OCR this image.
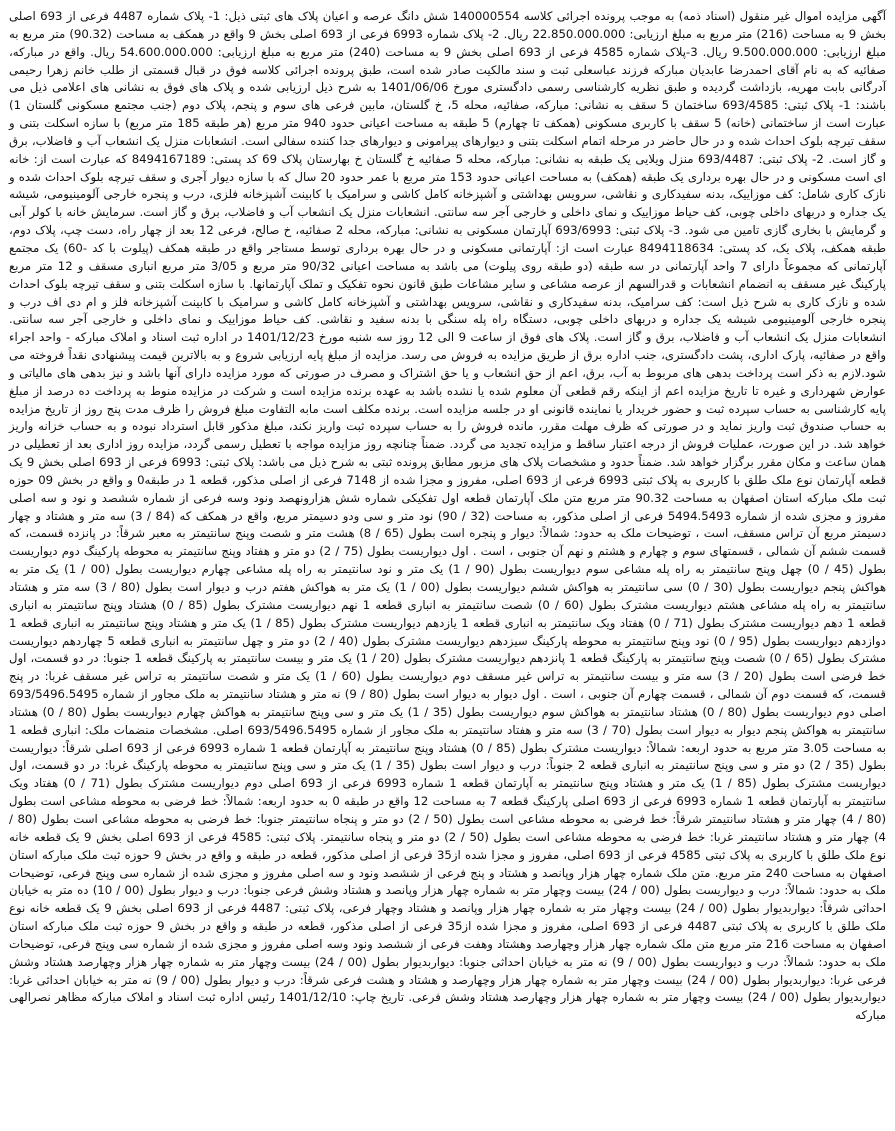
آگهی مزایده اموال غیر منقول (اسناد ذمه) به موجب پرونده اجرائی کلاسه 140000554 شش دانگ عرصه و اعیان پلاک های ثبتی ذیل: 1- پلاک شماره 4487 فرعی از 693 اصلی بخش 9 به مساحت (216) متر مربع به مبلغ ارزیابی: 22.850.000.000 ریال. 2- پلاک شماره 6993 فرعی از 693 اصلی بخش 9 واقع در همکف به مساحت (90.32) متر مربع به مبلغ ارزیابی: 9.500.000.000 ریال. 3-پلاک شماره 4585 فرعی از 693 اصلی بخش 9 به مساحت (240) متر مربع به مبلغ ارزیابی: 54.600.000.000 ریال. واقع در مبارکه، صفائیه که به نام آقای احمدرضا عابدیان مبارکه فرزند عباسعلی ثبت و سند مالکیت صادر شده است، طبق پرونده اجرائی کلاسه فوق در قبال قسمتی از طلب خانم زهرا رحیمی آدرگانی بابت مهریه، بازداشت گردیده و طبق نظریه کارشناسی رسمی دادگستری مورخ 1401/06/06 به شرح ذیل ارزیابی شده و پلاک های فوق به نشانی های اعلامی ذیل می باشند: 1- پلاک ثبتی: 693/4585 ساختمان 5 سقف به نشانی: مبارکه، صفائیه، محله 5، خ گلستان، مابین فرعی های سوم و پنجم، پلاک دوم (جنب مجتمع مسکونی گلستان 1) عبارت است از ساختمانی (خانه) 5 سقف با کاربری مسکونی (همکف تا چهارم) 5 طبقه به مساحت اعیانی حدود 940 متر مربع (هر طبقه 185 متر مربع) با سازه اسکلت بتنی و سقف تیرچه بلوک احداث شده و در حال حاضر در مرحله اتمام اسکلت بتنی و دیوارهای پیرامونی و دیوارهای جدا کننده سفالی است. انشعابات منزل یک انشعاب آب و فاضلاب، برق و گاز است. 2- پلاک ثبتی: 693/4487 منزل ویلایی یک طبقه به نشانی: مبارکه، محله 5 صفائیه خ گلستان خ بهارستان پلاک 69 کد پستی: 8494167189 که عبارت است از: خانه ای است مسکونی و در حال بهره برداری یک طبقه (همکف) به مساحت اعیانی حدود 153 متر مربع با عمر حدود 20 سال که با سازه دیوار آجری و سقف تیرچه بلوک احداث شده و نازک کاری شامل: کف موزاییک، بدنه سفیدکاری و نقاشی، سرویس بهداشتی و آشپزخانه کامل کاشی و سرامیک با کابینت آشپزخانه فلزی، درب و پنجره خارجی آلومینیومی، شیشه یک جداره و دربهای داخلی چوبی، کف حیاط موزاییک و نمای داخلی و خارجی آجر سه سانتی. انشعابات منزل یک انشعاب آب و فاضلاب، برق و گاز است. سرمایش خانه با کولر آبی و گرمایش با بخاری گازی تامین می شود. 3- پلاک ثبتی: 693/6993 آپارتمان مسکونی به نشانی: مبارکه، محله 2 صفائیه، خ صالح، فرعی 12 بعد از چهار راه، دست چپ، پلاک دوم، طبقه همکف، پلاک یک، کد پستی: 8494118634 عبارت است از: آپارتمانی مسکونی و در حال بهره برداری توسط مستاجر واقع در طبقه همکف (پیلوت با کد -60) یک مجتمع آپارتمانی که مجموعاً دارای 7 واحد آپارتمانی در سه طبقه (دو طبقه روی پیلوت) می باشد به مساحت اعیانی 90/32 متر مربع و 3/05 متر مربع انباری مسقف و 12 متر مربع پارکینگ غیر مسقف به انضمام انشعابات و قدرالسهم از عرصه مشاعی و سایر مشاعات طبق قانون نحوه تفکیک و تملک آپارتمانها. با سازه اسکلت بتنی و سقف تیرچه بلوک احداث شده و نازک کاری به شرح ذیل است: کف سرامیک، بدنه سفیدکاری و نقاشی، سرویس بهداشتی و آشپزخانه کامل کاشی و سرامیک با کابینت آشپزخانه فلز و ام دی اف درب و پنجره خارجی آلومینیومی شیشه یک جداره و دربهای داخلی چوبی، دستگاه راه پله سنگی با بدنه سفید و نقاشی. کف حیاط موزاییک و نمای داخلی و خارجی آجر سه سانتی. انشعابات منزل یک انشعاب آب و فاضلاب، برق و گاز است. پلاک های فوق از ساعت 9 الی 12 روز سه شنبه مورخ 1401/12/23 در اداره ثبت اسناد و املاک مبارکه - واحد اجراء واقع در صفائیه، پارک اداری، پشت دادگستری، جنب اداره برق از طریق مزایده به فروش می رسد. مزایده از مبلغ پایه ارزیابی شروع و به بالاترین قیمت پیشنهادی نقداً فروخته می شود.لازم به ذکر است پرداخت بدهی های مربوط به آب، برق، اعم از حق انشعاب و یا حق اشتراک و مصرف در صورتی که مورد مزایده دارای آنها باشد و نیز بدهی های مالیاتی و عوارض شهرداری و غیره تا تاریخ مزایده اعم از اینکه رقم قطعی آن معلوم شده یا نشده باشد به عهده برنده مزایده است و شرکت در مزایده منوط به پرداخت ده درصد از مبلغ پایه کارشناسی به حساب سپرده ثبت و حضور خریدار یا نماینده قانونی او در جلسه مزایده است. برنده مکلف است مابه التفاوت مبلغ فروش را ظرف مدت پنج روز از تاریخ مزایده به حساب صندوق ثبت واریز نماید و در صورتی که ظرف مهلت مقرر، مانده فروش را به حساب سپرده ثبت واریز نکند، مبلغ مذکور قابل استرداد نبوده و به حساب خزانه واریز خواهد شد. در این صورت، عملیات فروش از درجه اعتبار ساقط و مزایده تجدید می گردد. ضمناً چنانچه روز مزایده مواجه با تعطیل رسمی گردد، مزایده روز اداری بعد از تعطیلی در همان ساعت و مکان مقرر برگزار خواهد شد. ضمناً حدود و مشخصات پلاک های مزبور مطابق پرونده ثبتی به شرح ذیل می باشد: پلاک ثبتی: 6993 فرعی از 693 اصلی بخش 9 یک قطعه آپارتمان نوع ملک طلق با کاربری به پلاک ثبتی 6993 فرعی از 693 اصلی، مفروز و مجزا شده از 7148 فرعی از اصلی مذکور، قطعه 1 در طبقه0 و واقع در بخش 09 حوزه ثبت ملک مبارکه استان اصفهان به مساحت 90.32 متر مربع متن ملک آپارتمان قطعه اول تفکیکی شماره شش هزارونهصد ونود وسه فرعی از شماره ششصد و نود و سه اصلی مفروز و مجزی شده از شماره 5494.5493 فرعی از اصلی مذکور، به مساحت (32 / 90) نود متر و سی ودو دسیمتر مربع، واقع در همکف که (84 / 3) سه متر و هشتاد و چهار دسیمتر مربع آن تراس مسقف، است ، توضیحات ملک به حدود: شمالاً: دیوار و پنجره است بطول (65 / 8) هشت متر و شصت وپنج سانتیمتر به معبر شرقاً: در پانزده قسمت، که قسمت ششم آن شمالی ، قسمتهای سوم و چهارم و هشتم و نهم آن جنوبی ، است . اول دیواریست بطول (75 / 2) دو متر و هفتاد وپنج سانتیمتر به محوطه پارکینگ دوم دیواریست بطول (45 / 0) چهل وپنج سانتیمتر به راه پله مشاعی سوم دیواریست بطول (90 / 1) یک متر و نود سانتیمتر به راه پله مشاعی چهارم دیواریست بطول (00 / 1) یک متر به هواکش پنجم دیواریست بطول (30 / 0) سی سانتیمتر به هواکش ششم دیواریست بطول (00 / 1) یک متر به هواکش هفتم درب و دیوار است بطول (80 / 3) سه متر و هشتاد سانتیمتر به راه پله مشاعی هشتم دیواریست مشترک بطول (60 / 0) شصت سانتیمتر به انباری قطعه 1 نهم دیواریست مشترک بطول (85 / 0) هشتاد وپنج سانتیمتر به انباری قطعه 1 دهم دیواریست مشترک بطول (71 / 0) هفتاد ویک سانتیمتر به انباری قطعه 1 یازدهم دیواریست مشترک بطول (85 / 1) یک متر و هشتاد وپنج سانتیمتر به انباری قطعه 1 دوازدهم دیواریست بطول (95 / 0) نود وپنج سانتیمتر به محوطه پارکینگ سیزدهم دیواریست مشترک بطول (40 / 2) دو متر و چهل سانتیمتر به انباری قطعه 5 چهاردهم دیواریست مشترک بطول (65 / 0) شصت وپنج سانتیمتر به پارکینگ قطعه 1 پانزدهم دیواریست مشترک بطول (20 / 1) یک متر و بیست سانتیمتر به پارکینگ قطعه 1 جنوبا: در دو قسمت، اول خط فرضی است بطول (20 / 3) سه متر و بیست سانتیمتر به تراس غیر مسقف دوم دیواریست بطول (60 / 1) یک متر و شصت سانتیمتر به تراس غیر مسقف غربا: در پنج قسمت، که قسمت دوم آن شمالی ، قسمت چهارم آن جنوبی ، است . اول دیوار به دیوار است بطول (80 / 9) نه متر و هشتاد سانتیمتر به ملک مجاور از شماره 693/5496.5495 اصلی دوم دیواریست بطول (80 / 0) هشتاد سانتیمتر به هواکش سوم دیواریست بطول (35 / 1) یک متر و سی وپنج سانتیمتر به هواکش چهارم دیواریست بطول (80 / 0) هشتاد سانتیمتر به هواکش پنجم دیوار به دیوار است بطول (70 / 3) سه متر و هفتاد سانتیمتر به ملک مجاور از شماره 693/5496.5495 اصلی. مشخصات منضمات ملک: انباری قطعه 1 به مساحت 3.05 متر مربع به حدود اربعه: شمالاً: دیواریست مشترک بطول (85 / 0) هشتاد وپنج سانتیمتر به آپارتمان قطعه 1 شماره 6993 فرعی از 693 اصلی شرقاً: دیواریست بطول (35 / 2) دو متر و سی وپنج سانتیمتر به انباری قطعه 2 جنوباً: درب و دیوار است بطول (35 / 1) یک متر و سی وپنج سانتیمتر به محوطه پارکینگ غربا: در دو قسمت، اول دیواریست مشترک بطول (85 / 1) یک متر و هشتاد وپنج سانتیمتر به آپارتمان قطعه 1 شماره 6993 فرعی از 693 اصلی دوم دیواریست مشترک بطول (71 / 0) هفتاد ویک سانتیمتر به آپارتمان قطعه 1 شماره 6993 فرعی از 693 اصلی پارکینگ قطعه 7 به مساحت 12 واقع در طبقه 0 به حدود اربعه: شمالاً: خط فرضی به محوطه مشاعی است بطول (80 / 4) چهار متر و هشتاد سانتیمتر شرقاً: خط فرضی به محوطه مشاعی است بطول (50 / 2) دو متر و پنجاه سانتیمتر جنوبا: خط فرضی به محوطه مشاعی است بطول (80 / 4) چهار متر و هشتاد سانتیمتر غربا: خط فرضی به محوطه مشاعی است بطول (50 / 2) دو متر و پنجاه سانتیمتر. پلاک ثبتی: 4585 فرعی از 693 اصلی بخش 9 یک قطعه خانه نوع ملک طلق با کاربری به پلاک ثبتی 4585 فرعی از 693 اصلی، مفروز و مجزا شده از35 فرعی از اصلی مذکور، قطعه در طبقه و واقع در بخش 9 حوزه ثبت ملک مبارکه استان اصفهان به مساحت 240 متر مربع. متن ملک شماره چهار هزار وپانصد و هشتاد و پنج فرعی از ششصد ونود و سه اصلی مفروز و مجزی شده از شماره سی وپنج فرعی، توضیحات ملک به حدود: شمالاً: درب و دیواریست بطول (00 / 24) بیست وچهار متر به شماره چهار هزار وپانصد و هشتاد وشش فرعی جنوبا: درب و دیوار بطول (00 / 10) ده متر به خیابان احداثی شرقاً: دیواربدیوار بطول (00 / 24) بیست وچهار متر به شماره چهار هزار وپانصد و هشتاد وچهار فرعی، پلاک ثبتی: 4487 فرعی از 693 اصلی بخش 9 یک قطعه خانه نوع ملک طلق با کاربری به پلاک ثبتی 4487 فرعی از 693 اصلی، مفروز و مجزا شده از35 فرعی از اصلی مذکور، قطعه در طبقه و واقع در بخش 9 حوزه ثبت ملک مبارکه استان اصفهان به مساحت 216 متر مربع متن ملک شماره چهار هزار وچهارصد وهشتاد وهفت فرعی از ششصد ونود وسه اصلی مفروز و مجزی شده از شماره سی وپنج فرعی، توضیحات ملک به حدود: شمالاً: درب و دیواریست بطول (00 / 9) نه متر به خیابان احداثی جنوبا: دیواربدیوار بطول (00 / 24) بیست وچهار متر به شماره چهار هزار وچهارصد هشتاد وشش فرعی غربا: دیواربدیوار بطول (00 / 24) بیست وچهار متر به شماره چهار هزار وچهارصد و هشتاد و هشت فرعی شرقاً: درب و دیوار بطول (00 / 9) نه متر به خیابان احداثی غربا: دیواربدیوار بطول (00 / 24) بیست وچهار متر به شماره چهار هزار وچهارصد هشتاد وشش فرعی. تاریخ چاپ: 1401/12/10 رئیس اداره ثبت اسناد و املاک مبارکه مظاهر نصرالهی مبارکه
